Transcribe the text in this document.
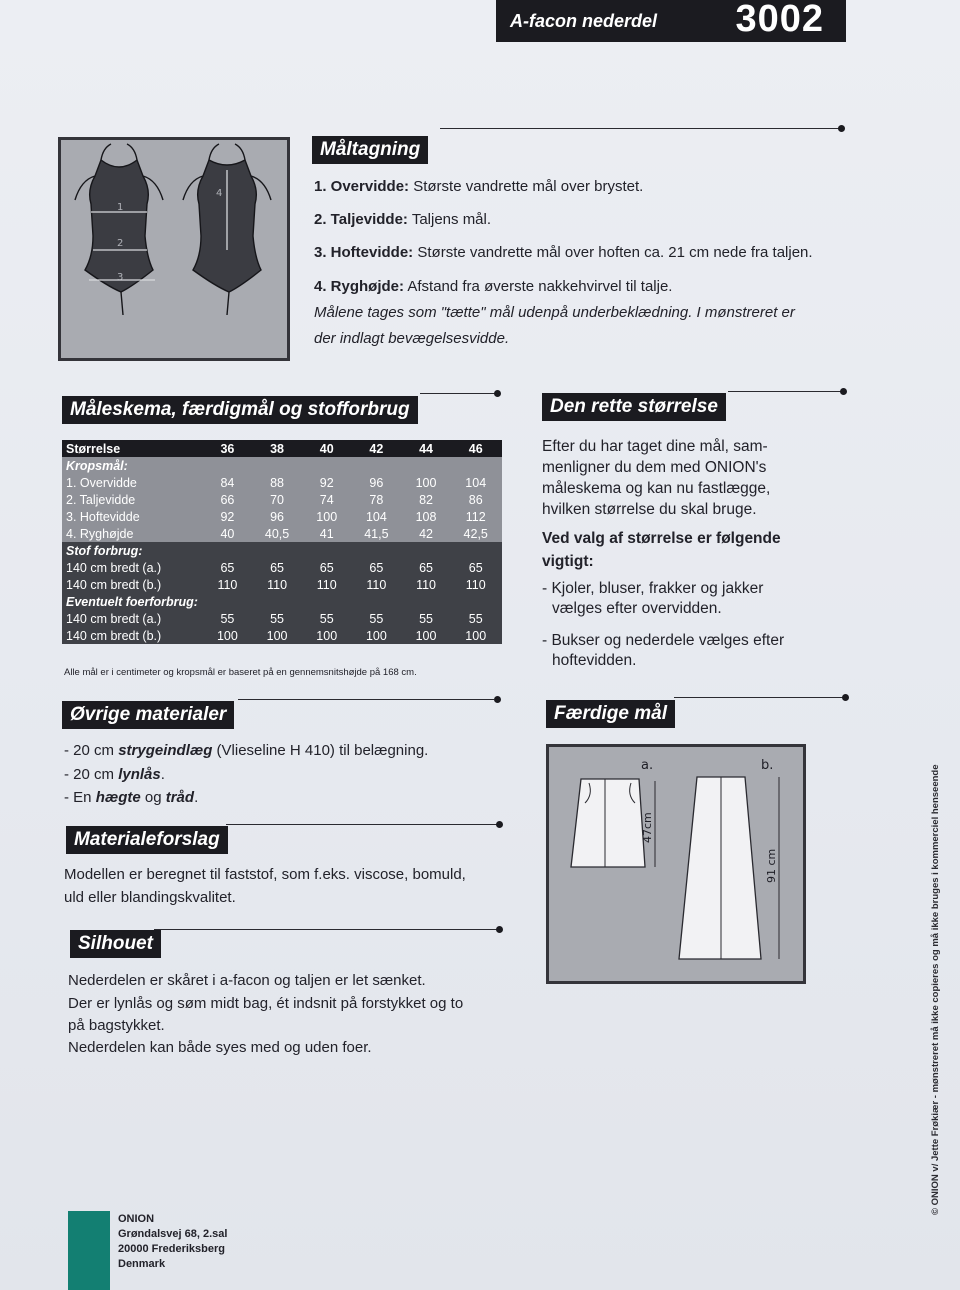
A-facon nederdel 3002
1
2
3
4
Måltagning
1. Overvidde: Største vandrette mål over brystet.
2. Taljevidde: Taljens mål.
3. Hoftevidde: Største vandrette mål over hoften ca. 21 cm nede fra taljen.
4. Ryghøjde: Afstand fra øverste nakkehvirvel til talje.
Målene tages som "tætte" mål udenpå underbeklædning. I mønstreret er
der indlagt bevægelsesvidde.
Måleskema, færdigmål og stofforbrug
Størrelse	36	38	40	42	44	46
Kropsmål:						
1. Overvidde	84	88	92	96	100	104
2. Taljevidde	66	70	74	78	82	86
3. Hoftevidde	92	96	100	104	108	112
4. Ryghøjde	40	40,5	41	41,5	42	42,5
Stof forbrug:						
140 cm bredt (a.)	65	65	65	65	65	65
140 cm bredt (b.)	110	110	110	110	110	110
Eventuelt foerforbrug:						
140 cm bredt (a.)	55	55	55	55	55	55
140 cm bredt (b.)	100	100	100	100	100	100
Alle mål er i centimeter og kropsmål er baseret på en gennemsnitshøjde på 168 cm.
Den rette størrelse
Efter du har taget dine mål, sam-
menligner du dem med ONION's
måleskema og kan nu fastlægge,
hvilken størrelse du skal bruge.
Ved valg af størrelse er følgende
vigtigt:
- Kjoler, bluser, frakker og jakker
vælges efter overvidden.
- Bukser og nederdele vælges efter
hoftevidden.
Øvrige materialer
- 20 cm strygeindlæg (Vlieseline H 410) til belægning.
- 20 cm lynlås.
- En hægte og tråd.
Materialeforslag
Modellen er beregnet til faststof, som f.eks. viscose, bomuld,
uld eller blandingskvalitet.
Silhouet
Nederdelen er skåret i a-facon og taljen er let sænket.
Der er lynlås og søm midt bag, ét indsnit på forstykket og to
på bagstykket.
Nederdelen kan både syes med og uden foer.
Færdige mål
a.	b.
47cm
91 cm
ONION
Grøndalsvej 68, 2.sal
20000 Frederiksberg
Denmark
© ONION v/ Jette Frøkiær - mønstreret må ikke copieres og må ikke bruges i kommerciel henseende
